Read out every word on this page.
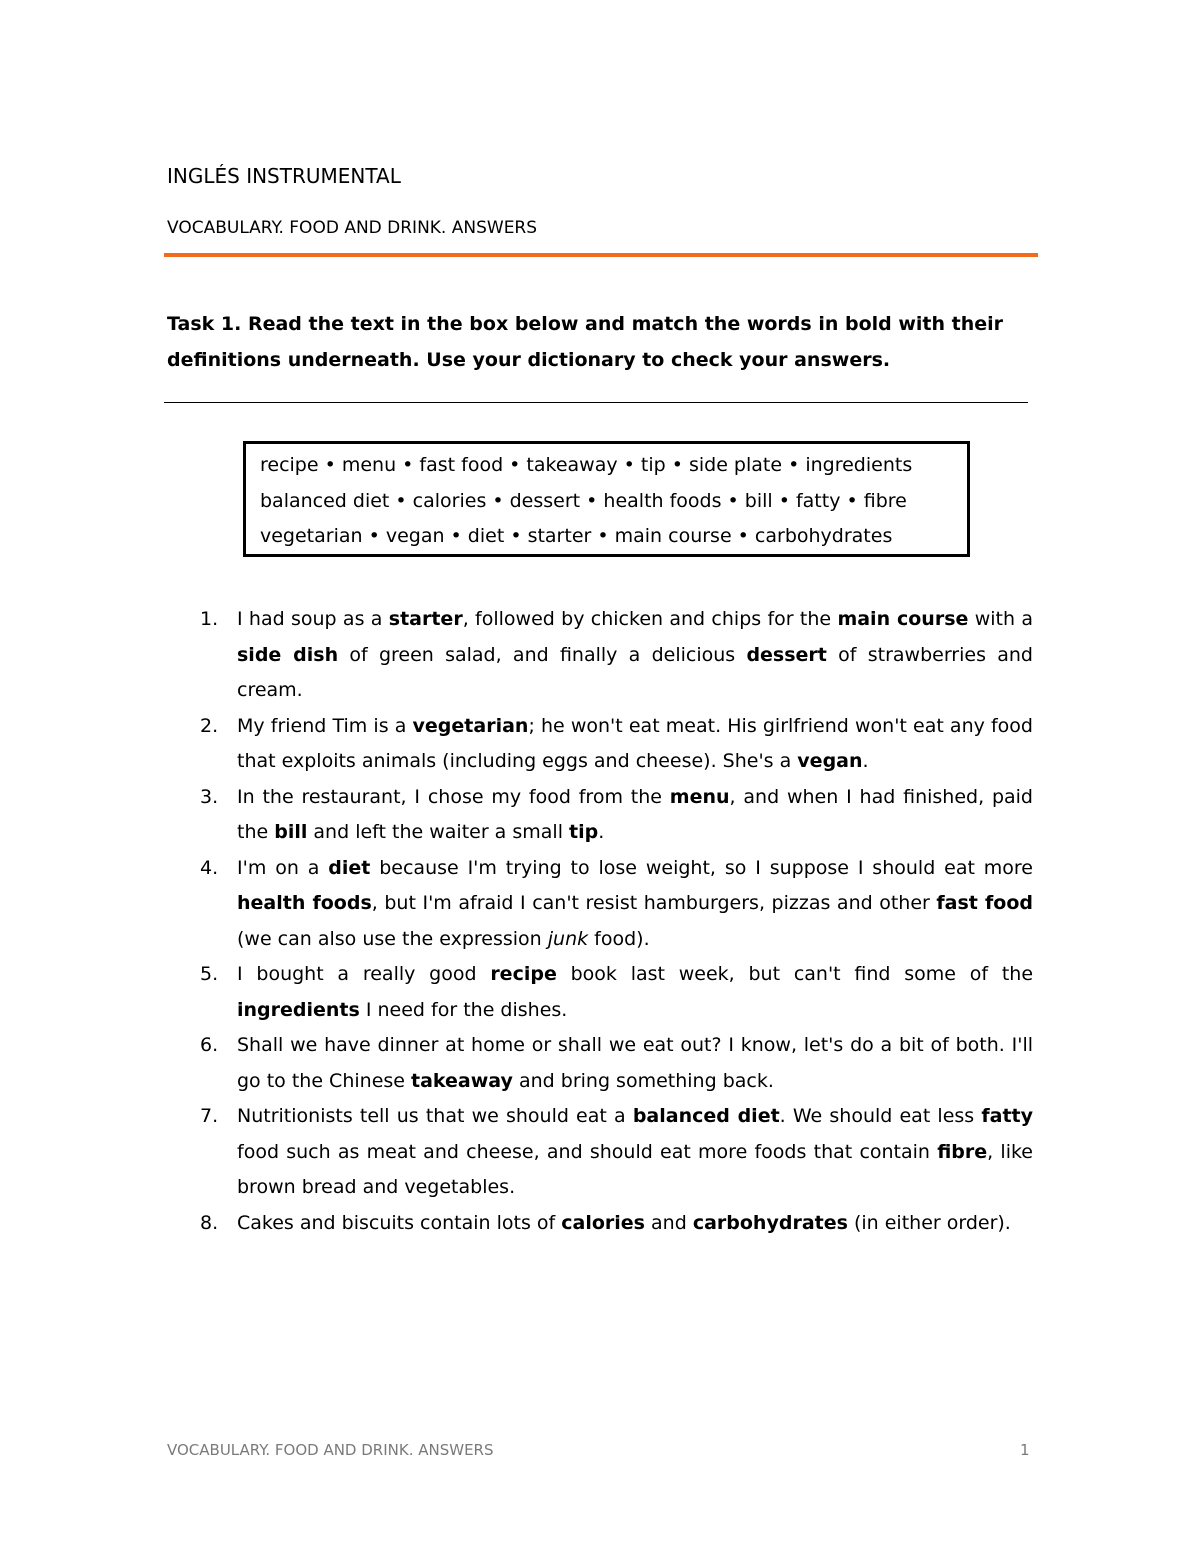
INGLÉS INSTRUMENTAL
VOCABULARY. FOOD AND DRINK. ANSWERS
Task 1. Read the text in the box below and match the words in bold with their definitions underneath. Use your dictionary to check your answers.
recipe • menu • fast food • takeaway • tip • side plate • ingredients
balanced diet • calories • dessert • health foods • bill • fatty • fibre
vegetarian • vegan • diet • starter • main course • carbohydrates
1. I had soup as a starter, followed by chicken and chips for the main course with a side dish of green salad, and finally a delicious dessert of strawberries and cream.
2. My friend Tim is a vegetarian; he won't eat meat. His girlfriend won't eat any food that exploits animals (including eggs and cheese). She's a vegan.
3. In the restaurant, I chose my food from the menu, and when I had finished, paid the bill and left the waiter a small tip.
4. I'm on a diet because I'm trying to lose weight, so I suppose I should eat more health foods, but I'm afraid I can't resist hamburgers, pizzas and other fast food (we can also use the expression junk food).
5. I bought a really good recipe book last week, but can't find some of the ingredients I need for the dishes.
6. Shall we have dinner at home or shall we eat out? I know, let's do a bit of both. I'll go to the Chinese takeaway and bring something back.
7. Nutritionists tell us that we should eat a balanced diet. We should eat less fatty food such as meat and cheese, and should eat more foods that contain fibre, like brown bread and vegetables.
8. Cakes and biscuits contain lots of calories and carbohydrates (in either order).
VOCABULARY. FOOD AND DRINK. ANSWERS	1
